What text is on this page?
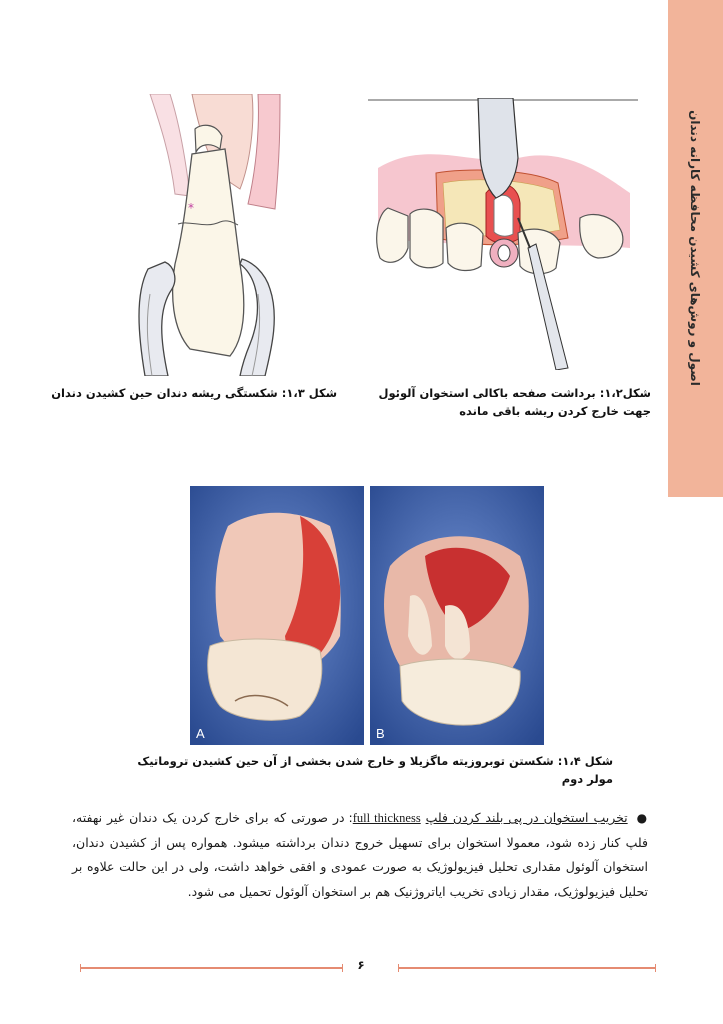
اصول و روش‌های کشیدن محافظه کارانه دندان
*
شکل ۱،۳: شکستگی ریشه دندان حین کشیدن دندان	شکل۱،۲: برداشت صفحه باکالی استخوان آلوئول
جهت خارج کردن ریشه باقی مانده
A	B
شکل ۱،۴: شکستن توبروزیته ماگزیلا و خارج شدن بخشی از آن حین کشیدن تروماتیک مولر دوم
● تخریب استخوان در پی بلند کردن فلپ full thickness: در صورتی که برای خارج کردن یک دندان غیر نهفته، فلپ کنار زده شود، معمولا استخوان برای تسهیل خروج دندان برداشته میشود. همواره پس از کشیدن دندان، استخوان آلوئول مقداری تحلیل فیزیولوژیک به صورت عمودی و افقی خواهد داشت، ولی در این حالت علاوه بر تحلیل فیزیولوژیک، مقدار زیادی تخریب ایاتروژنیک هم بر استخوان آلوئول تحمیل می شود.
۶
